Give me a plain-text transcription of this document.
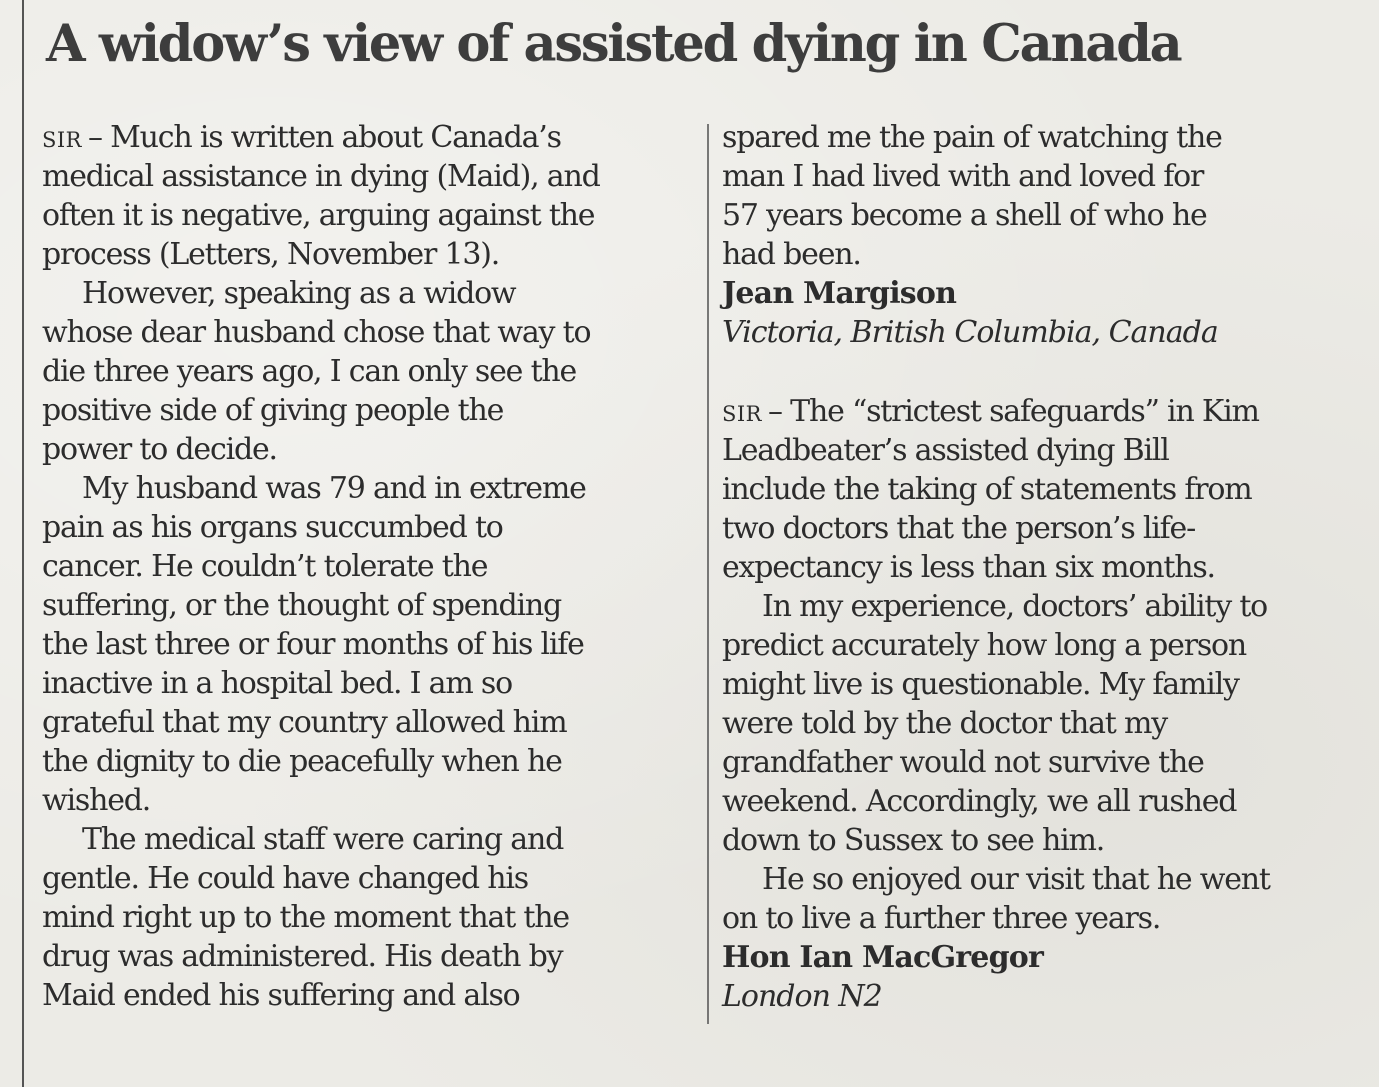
A widow’s view of assisted dying in Canada
SIR – Much is written about Canada’s
medical assistance in dying (Maid), and
often it is negative, arguing against the
process (Letters, November 13).
However, speaking as a widow
whose dear husband chose that way to
die three years ago, I can only see the
positive side of giving people the
power to decide.
My husband was 79 and in extreme
pain as his organs succumbed to
cancer. He couldn’t tolerate the
suffering, or the thought of spending
the last three or four months of his life
inactive in a hospital bed. I am so
grateful that my country allowed him
the dignity to die peacefully when he
wished.
The medical staff were caring and
gentle. He could have changed his
mind right up to the moment that the
drug was administered. His death by
Maid ended his suffering and also
spared me the pain of watching the
man I had lived with and loved for
57 years become a shell of who he
had been.
Jean Margison
Victoria, British Columbia, Canada
SIR – The “strictest safeguards” in Kim
Leadbeater’s assisted dying Bill
include the taking of statements from
two doctors that the person’s life-
expectancy is less than six months.
In my experience, doctors’ ability to
predict accurately how long a person
might live is questionable. My family
were told by the doctor that my
grandfather would not survive the
weekend. Accordingly, we all rushed
down to Sussex to see him.
He so enjoyed our visit that he went
on to live a further three years.
Hon Ian MacGregor
London N2
